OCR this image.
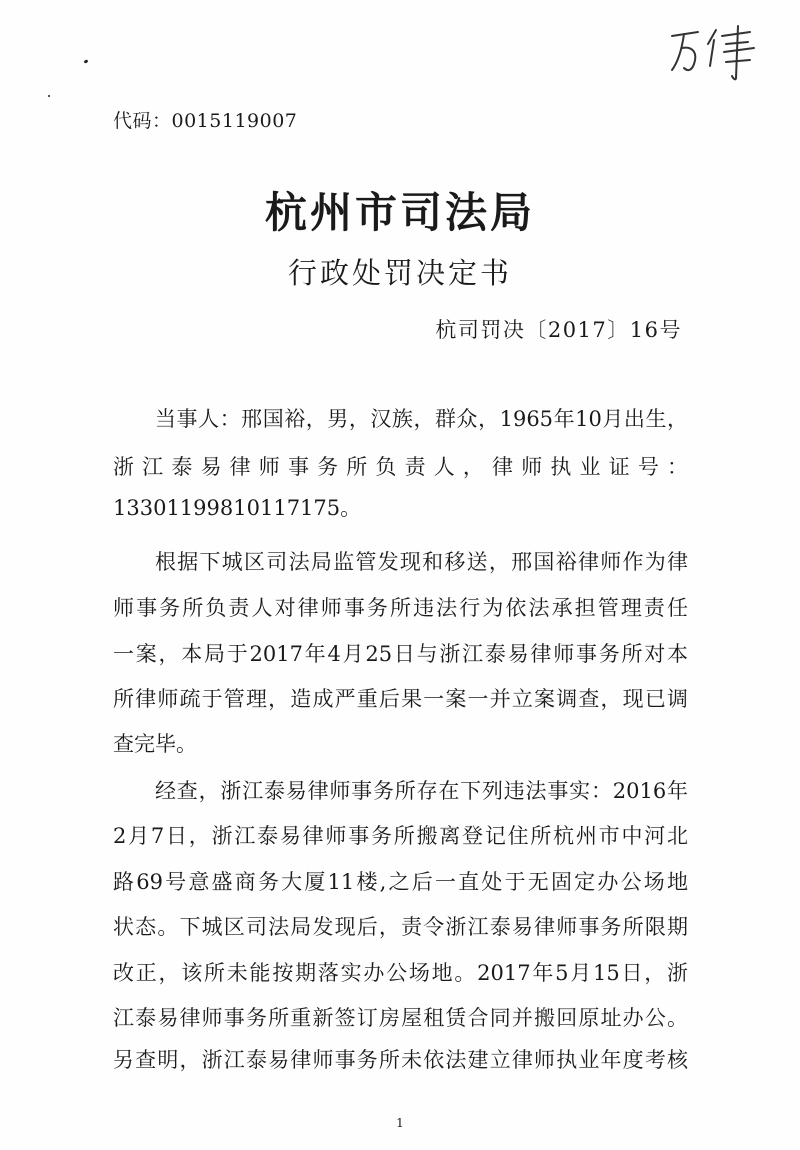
代码：0015119007
杭州市司法局
行政处罚决定书
杭司罚决〔2017〕16号
当事人：邢国裕，男，汉族，群众，1965年10月出生，
浙江泰易律师事务所负责人，律师执业证号：
13301199810117175。
根据下城区司法局监管发现和移送，邢国裕律师作为律
师事务所负责人对律师事务所违法行为依法承担管理责任
一案，本局于2017年4月25日与浙江泰易律师事务所对本
所律师疏于管理，造成严重后果一案一并立案调查，现已调
查完毕。
经查，浙江泰易律师事务所存在下列违法事实：2016年
2月7日，浙江泰易律师事务所搬离登记住所杭州市中河北
路69号意盛商务大厦11楼,之后一直处于无固定办公场地
状态。下城区司法局发现后，责令浙江泰易律师事务所限期
改正，该所未能按期落实办公场地。2017年5月15日，浙
江泰易律师事务所重新签订房屋租赁合同并搬回原址办公。
另查明，浙江泰易律师事务所未依法建立律师执业年度考核
1
